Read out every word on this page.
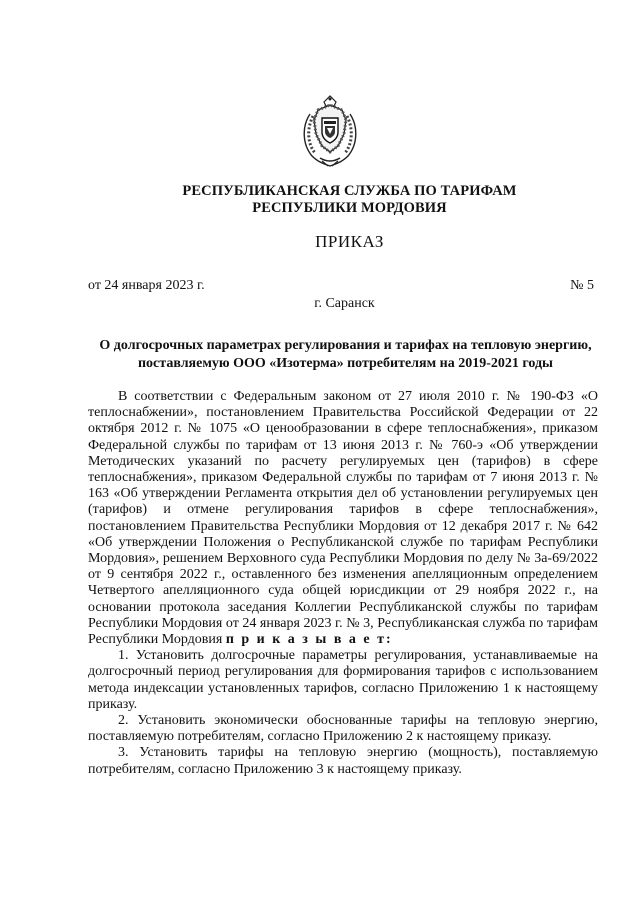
РЕСПУБЛИКАНСКАЯ СЛУЖБА ПО ТАРИФАМ
РЕСПУБЛИКИ МОРДОВИЯ
ПРИКАЗ
от 24 января 2023 г.	№ 5
г. Саранск
О долгосрочных параметрах регулирования и тарифах на тепловую энергию, поставляемую ООО «Изотерма» потребителям на 2019-2021 годы

В соответствии с Федеральным законом от 27 июля 2010 г. № 190-ФЗ «О теплоснабжении», постановлением Правительства Российской Федерации от 22 октября 2012 г. № 1075 «О ценообразовании в сфере теплоснабжения», приказом Федеральной службы по тарифам от 13 июня 2013 г. № 760-э «Об утверждении Методических указаний по расчету регулируемых цен (тарифов) в сфере теплоснабжения», приказом Федеральной службы по тарифам от 7 июня 2013 г. № 163 «Об утверждении Регламента открытия дел об установлении регулируемых цен (тарифов) и отмене регулирования тарифов в сфере теплоснабжения», постановлением Правительства Республики Мордовия от 12 декабря 2017 г. № 642 «Об утверждении Положения о Республиканской службе по тарифам Республики Мордовия», решением Верховного суда Республики Мордовия по делу № 3а-69/2022 от 9 сентября 2022 г., оставленного без изменения апелляционным определением Четвертого апелляционного суда общей юрисдикции от 29 ноября 2022 г., на основании протокола заседания Коллегии Республиканской службы по тарифам Республики Мордовия от 24 января 2023 г. № 3, Республиканская служба по тарифам Республики Мордовия п р и к а з ы в а е т:

1. Установить долгосрочные параметры регулирования, устанавливаемые на долгосрочный период регулирования для формирования тарифов с использованием метода индексации установленных тарифов, согласно Приложению 1 к настоящему приказу.

2. Установить экономически обоснованные тарифы на тепловую энергию, поставляемую потребителям, согласно Приложению 2 к настоящему приказу.

3. Установить тарифы на тепловую энергию (мощность), поставляемую потребителям, согласно Приложению 3 к настоящему приказу.
